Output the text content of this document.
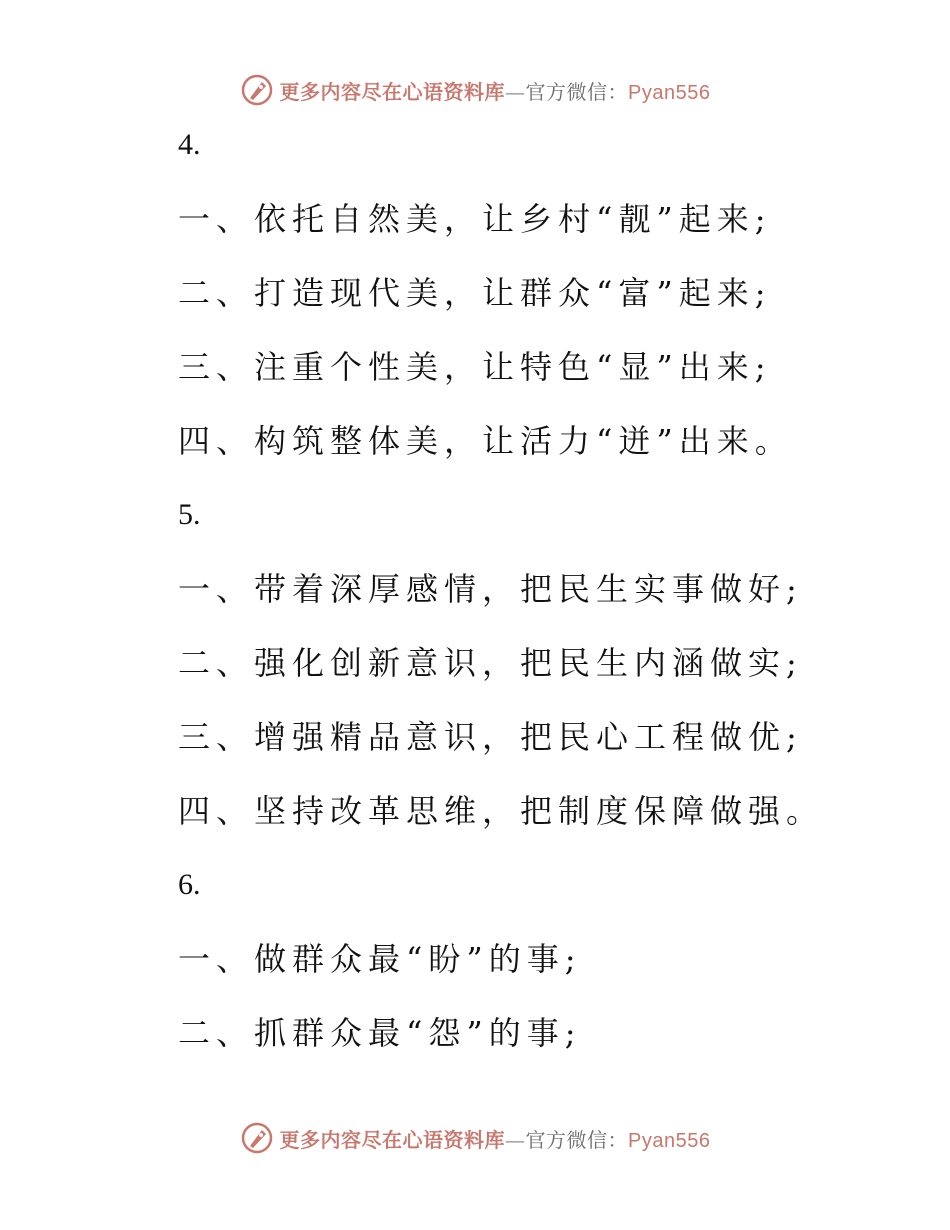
更多内容尽在心语资料库—官方微信：Pyan556
4.
一、依托自然美，让乡村“靓”起来;
二、打造现代美，让群众“富”起来;
三、注重个性美，让特色“显”出来;
四、构筑整体美，让活力“迸”出来。
5.
一、带着深厚感情，把民生实事做好;
二、强化创新意识，把民生内涵做实;
三、增强精品意识，把民心工程做优;
四、坚持改革思维，把制度保障做强。
6.
一、做群众最“盼”的事;
二、抓群众最“怨”的事;
更多内容尽在心语资料库—官方微信：Pyan556
